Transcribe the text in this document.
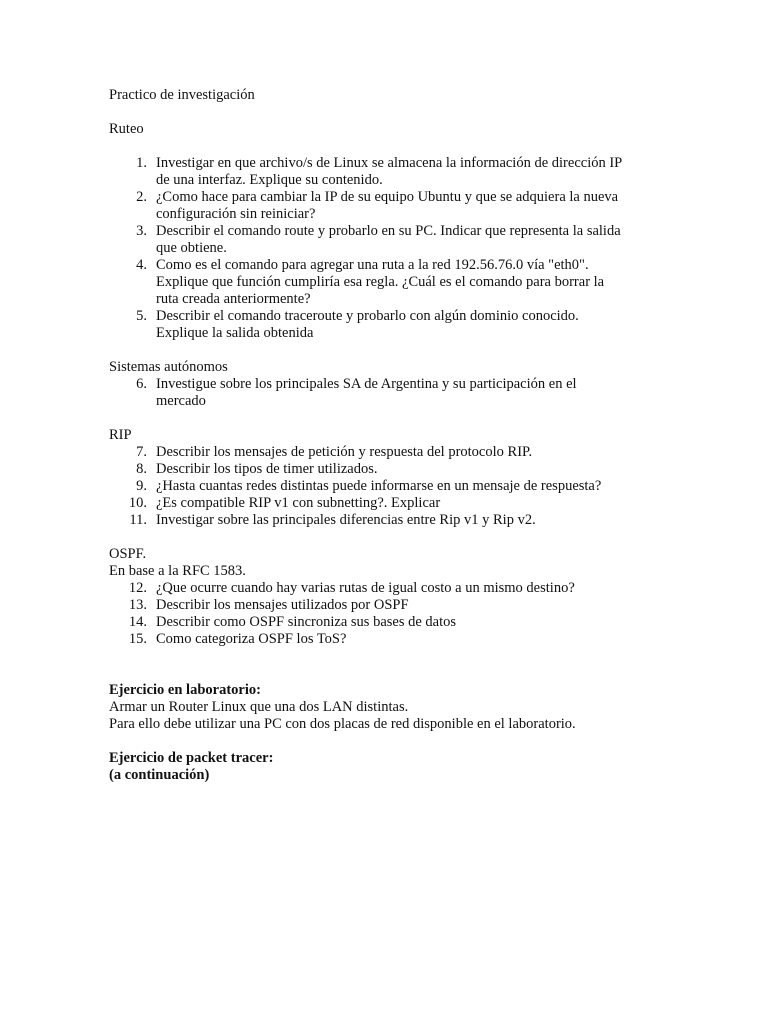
Practico de investigación

Ruteo

1. Investigar en que archivo/s de Linux se almacena la información de dirección IP
de una interfaz. Explique su contenido.
2. ¿Como hace para cambiar la IP de su equipo Ubuntu y que se adquiera la nueva
configuración sin reiniciar?
3. Describir el comando route y probarlo en su PC. Indicar que representa la salida
que obtiene.
4. Como es el comando para agregar una ruta a la red 192.56.76.0 vía "eth0".
Explique que función cumpliría esa regla. ¿Cuál es el comando para borrar la
ruta creada anteriormente?
5. Describir el comando traceroute y probarlo con algún dominio conocido.
Explique la salida obtenida

Sistemas autónomos

6. Investigue sobre los principales SA de Argentina y su participación en el
mercado

RIP

7. Describir los mensajes de petición y respuesta del protocolo RIP.
8. Describir los tipos de timer utilizados.
9. ¿Hasta cuantas redes distintas puede informarse en un mensaje de respuesta?
10. ¿Es compatible RIP v1 con subnetting?. Explicar
11. Investigar sobre las principales diferencias entre Rip v1 y Rip v2.

OSPF.

En base a la RFC 1583.

12. ¿Que ocurre cuando hay varias rutas de igual costo a un mismo destino?
13. Describir los mensajes utilizados por OSPF
14. Describir como OSPF sincroniza sus bases de datos
15. Como categoriza OSPF los ToS?

Ejercicio en laboratorio:

Armar un Router Linux que una dos LAN distintas.

Para ello debe utilizar una PC con dos placas de red disponible en el laboratorio.

Ejercicio de packet tracer:

(a continuación)
